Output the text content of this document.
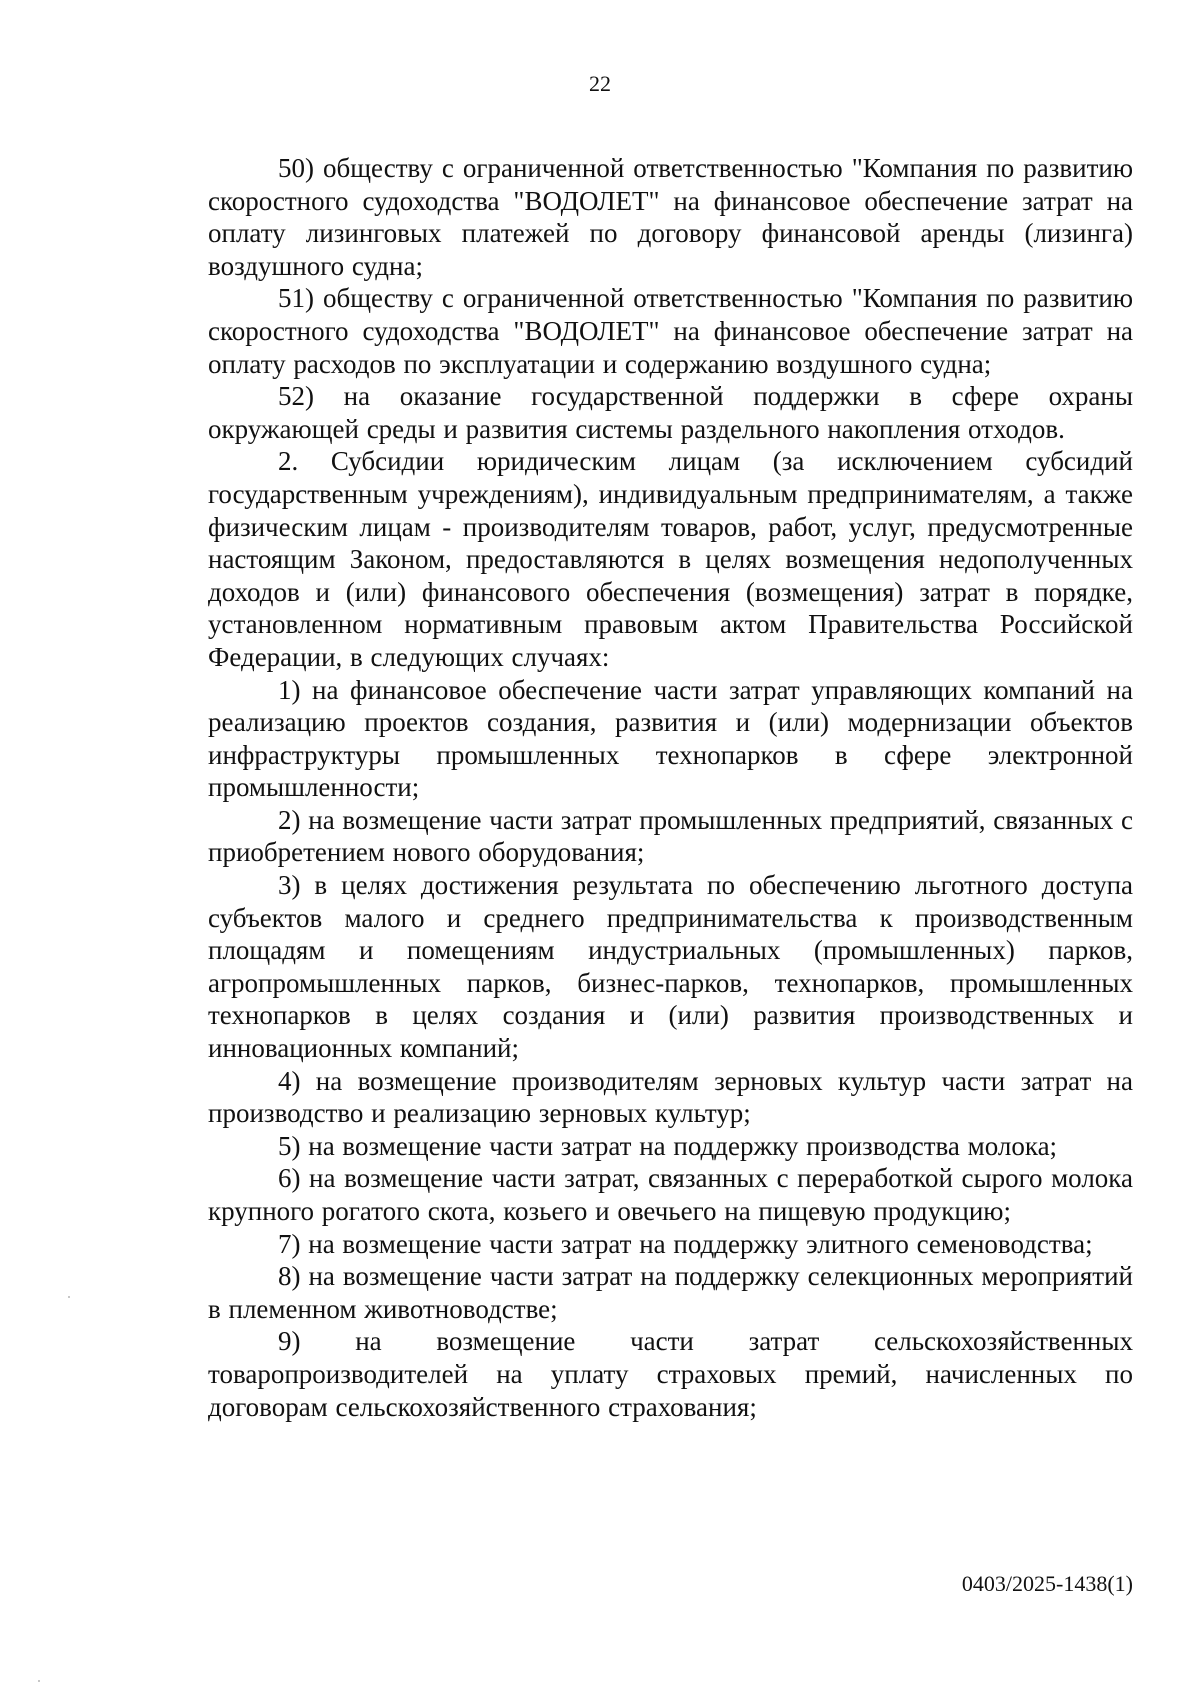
22

50) обществу с ограниченной ответственностью "Компания по развитию скоростного судоходства "ВОДОЛЕТ" на финансовое обеспечение затрат на оплату лизинговых платежей по договору финансовой аренды (лизинга) воздушного судна;

51) обществу с ограниченной ответственностью "Компания по развитию скоростного судоходства "ВОДОЛЕТ" на финансовое обеспечение затрат на оплату расходов по эксплуатации и содержанию воздушного судна;

52) на оказание государственной поддержки в сфере охраны окружающей среды и развития системы раздельного накопления отходов.

2. Субсидии юридическим лицам (за исключением субсидий государственным учреждениям), индивидуальным предпринимателям, а также физическим лицам - производителям товаров, работ, услуг, предусмотренные настоящим Законом, предоставляются в целях возмещения недополученных доходов и (или) финансового обеспечения (возмещения) затрат в порядке, установленном нормативным правовым актом Правительства Российской Федерации, в следующих случаях:

1) на финансовое обеспечение части затрат управляющих компаний на реализацию проектов создания, развития и (или) модернизации объектов инфраструктуры промышленных технопарков в сфере электронной промышленности;

2) на возмещение части затрат промышленных предприятий, связанных с приобретением нового оборудования;

3) в целях достижения результата по обеспечению льготного доступа субъектов малого и среднего предпринимательства к производственным площадям и помещениям индустриальных (промышленных) парков, агропромышленных парков, бизнес-парков, технопарков, промышленных технопарков в целях создания и (или) развития производственных и инновационных компаний;

4) на возмещение производителям зерновых культур части затрат на производство и реализацию зерновых культур;

5) на возмещение части затрат на поддержку производства молока;

6) на возмещение части затрат, связанных с переработкой сырого молока крупного рогатого скота, козьего и овечьего на пищевую продукцию;

7) на возмещение части затрат на поддержку элитного семеноводства;

8) на возмещение части затрат на поддержку селекционных мероприятий в племенном животноводстве;

9) на возмещение части затрат сельскохозяйственных товаропроизводителей на уплату страховых премий, начисленных по договорам сельскохозяйственного страхования;

0403/2025-1438(1)
